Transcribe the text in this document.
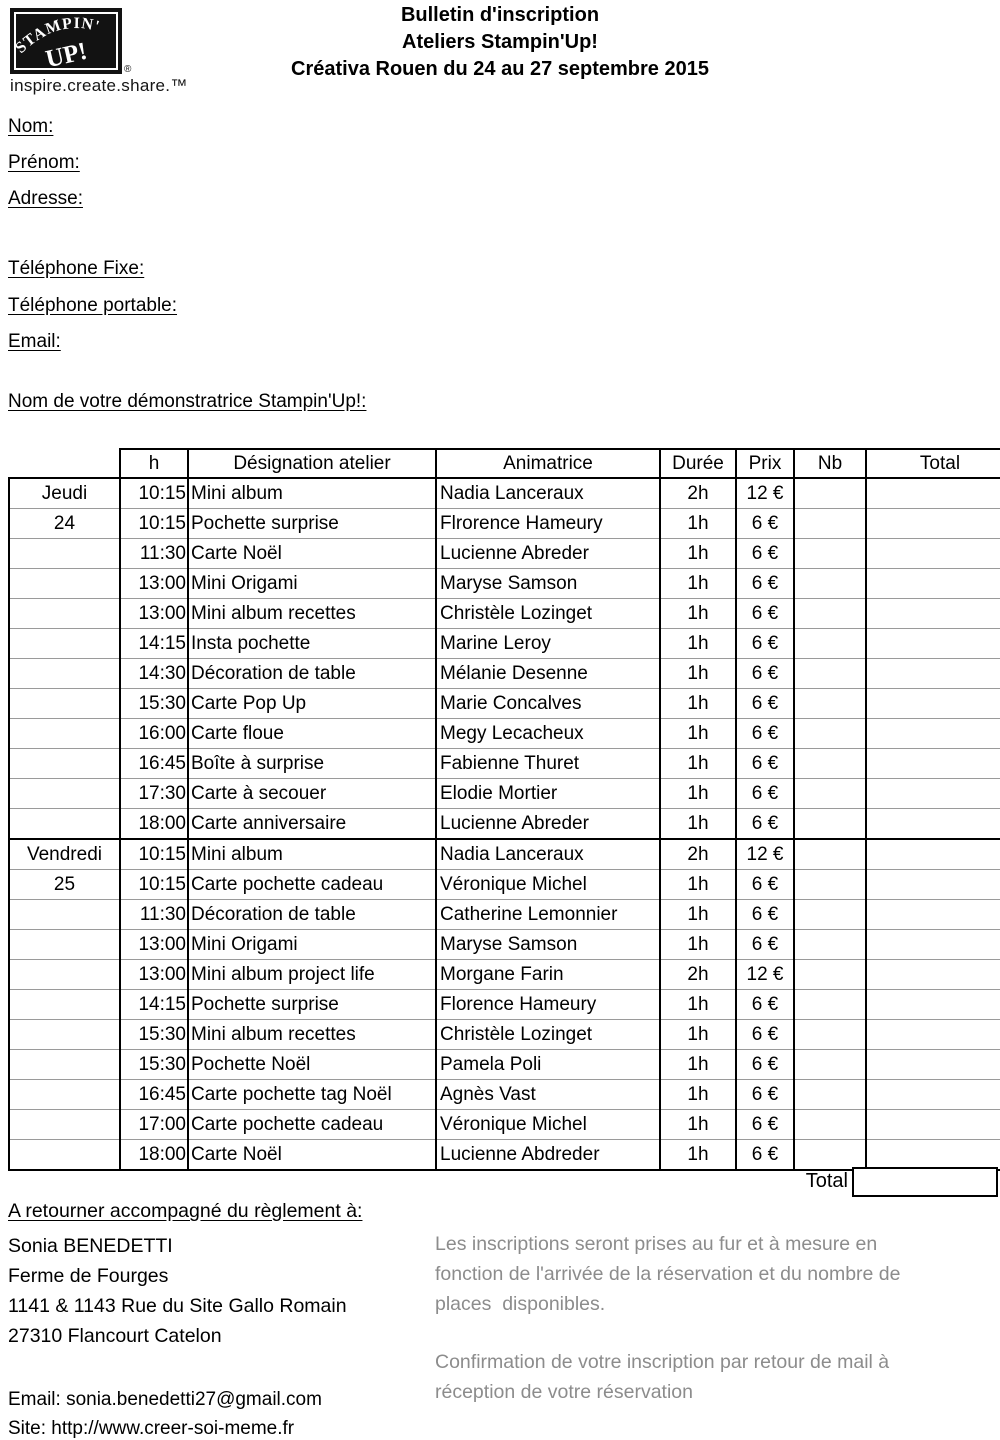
STAMPIN'
UP!	®
inspire.create.share.™
Bulletin d'inscription
Ateliers Stampin'Up!
Créativa Rouen du 24 au 27 septembre 2015
Nom:
Prénom:
Adresse:
Téléphone Fixe:
Téléphone portable:
Email:
Nom de votre démonstratrice Stampin'Up!:
	h	Désignation atelier	Animatrice	Durée	Prix	Nb	Total
Jeudi	10:15	Mini album	Nadia Lanceraux	2h	12 €		
24	10:15	Pochette surprise	Flrorence Hameury	1h	6 €		
	11:30	Carte Noël	Lucienne Abreder	1h	6 €		
	13:00	Mini Origami	Maryse Samson	1h	6 €		
	13:00	Mini album recettes	Christèle Lozinget	1h	6 €		
	14:15	Insta pochette	Marine Leroy	1h	6 €		
	14:30	Décoration de table	Mélanie Desenne	1h	6 €		
	15:30	Carte Pop Up	Marie Concalves	1h	6 €		
	16:00	Carte floue	Megy Lecacheux	1h	6 €		
	16:45	Boîte à surprise	Fabienne Thuret	1h	6 €		
	17:30	Carte à secouer	Elodie Mortier	1h	6 €		
	18:00	Carte anniversaire	Lucienne Abreder	1h	6 €		
Vendredi	10:15	Mini album	Nadia Lanceraux	2h	12 €		
25	10:15	Carte pochette cadeau	Véronique Michel	1h	6 €		
	11:30	Décoration de table	Catherine Lemonnier	1h	6 €		
	13:00	Mini Origami	Maryse Samson	1h	6 €		
	13:00	Mini album project life	Morgane Farin	2h	12 €		
	14:15	Pochette surprise	Florence Hameury	1h	6 €		
	15:30	Mini album recettes	Christèle Lozinget	1h	6 €		
	15:30	Pochette Noël	Pamela Poli	1h	6 €		
	16:45	Carte pochette tag Noël	Agnès Vast	1h	6 €		
	17:00	Carte pochette cadeau	Véronique Michel	1h	6 €		
	18:00	Carte Noël	Lucienne Abdreder	1h	6 €		
Total
A retourner accompagné du règlement à:
Sonia BENEDETTI
Ferme de Fourges
1141 & 1143 Rue du Site Gallo Romain
27310 Flancourt Catelon
Email: sonia.benedetti27@gmail.com
Site: http://www.creer-soi-meme.fr

Les inscriptions seront prises au fur et à mesure en fonction de l'arrivée de la réservation et du nombre de places  disponibles.

Confirmation de votre inscription par retour de mail à réception de votre réservation
